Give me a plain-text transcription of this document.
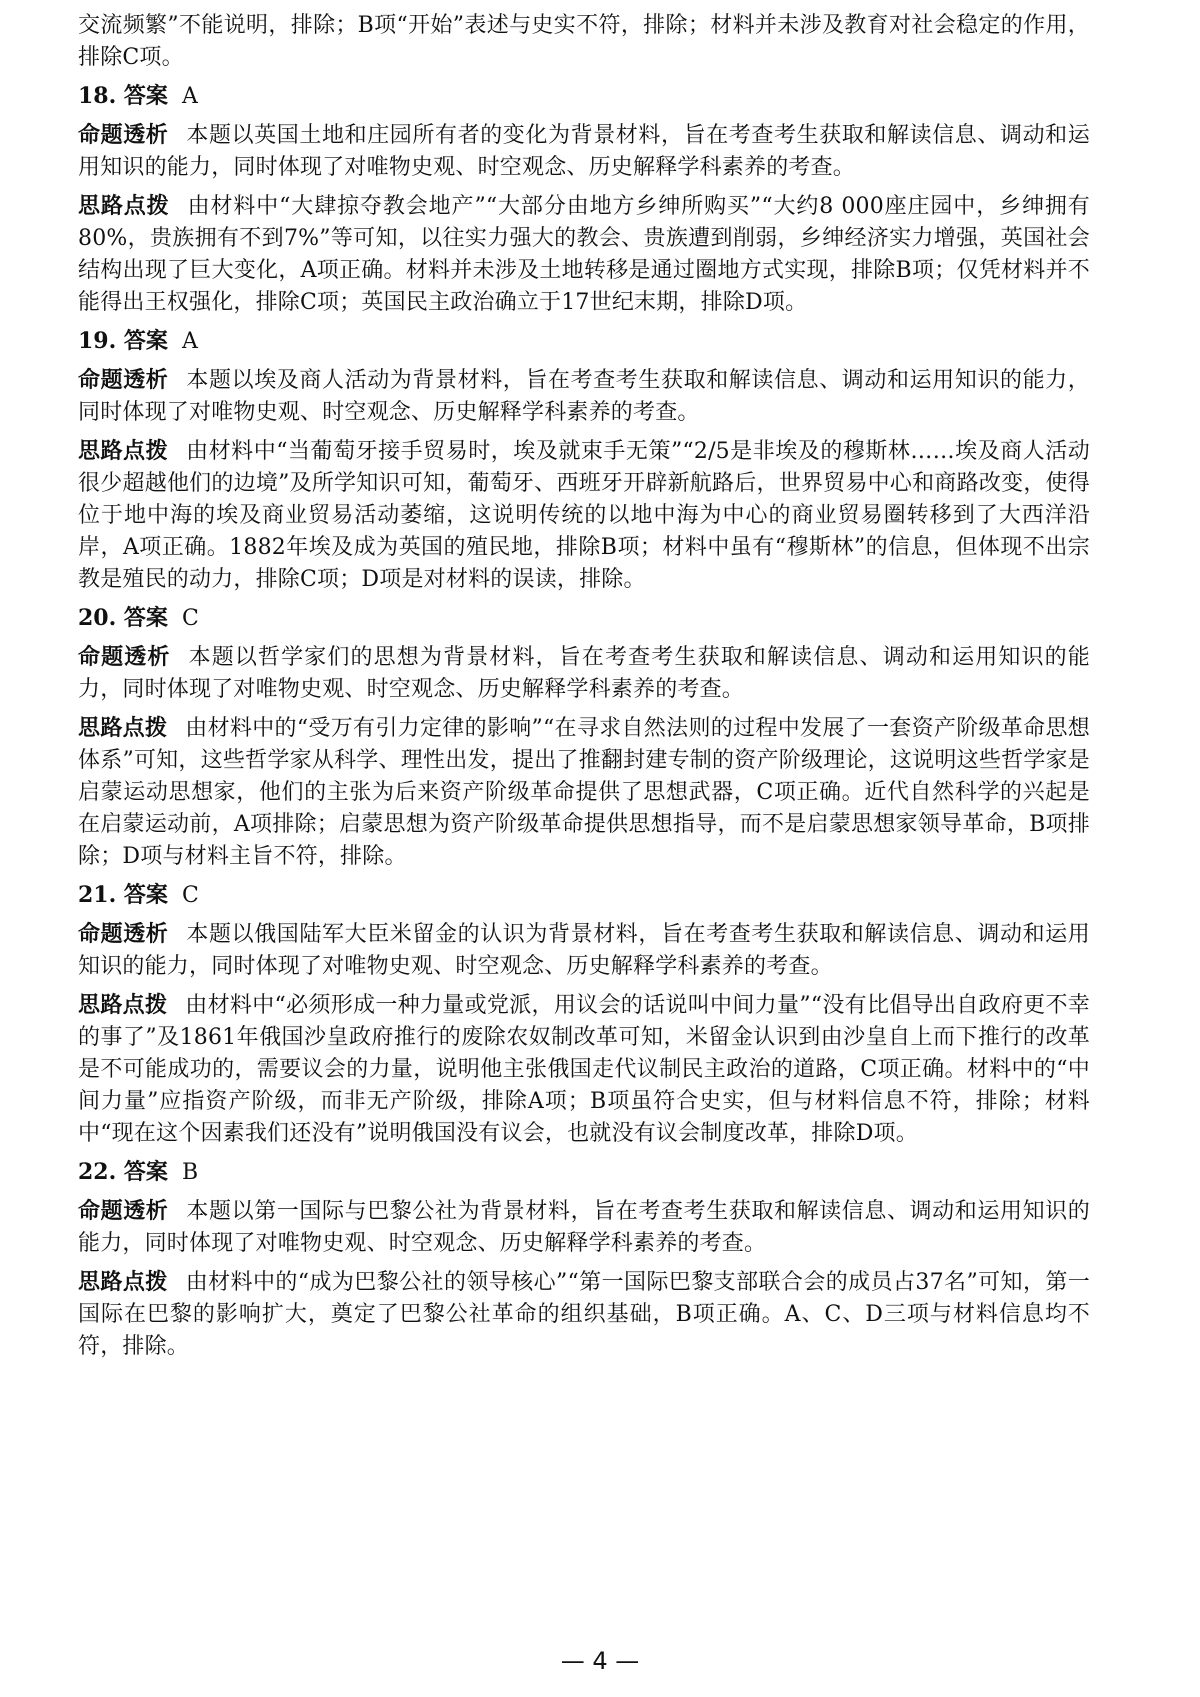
交流频繁”不能说明，排除；B项“开始”表述与史实不符，排除；材料并未涉及教育对社会稳定的作用，排除C项。

18. 答案 A

命题透析 本题以英国土地和庄园所有者的变化为背景材料，旨在考查考生获取和解读信息、调动和运用知识的能力，同时体现了对唯物史观、时空观念、历史解释学科素养的考查。

思路点拨 由材料中“大肆掠夺教会地产”“大部分由地方乡绅所购买”“大约8 000座庄园中，乡绅拥有80%，贵族拥有不到7%”等可知，以往实力强大的教会、贵族遭到削弱，乡绅经济实力增强，英国社会结构出现了巨大变化，A项正确。材料并未涉及土地转移是通过圈地方式实现，排除B项；仅凭材料并不能得出王权强化，排除C项；英国民主政治确立于17世纪末期，排除D项。

19. 答案 A

命题透析 本题以埃及商人活动为背景材料，旨在考查考生获取和解读信息、调动和运用知识的能力，同时体现了对唯物史观、时空观念、历史解释学科素养的考查。

思路点拨 由材料中“当葡萄牙接手贸易时，埃及就束手无策”“2/5是非埃及的穆斯林……埃及商人活动很少超越他们的边境”及所学知识可知，葡萄牙、西班牙开辟新航路后，世界贸易中心和商路改变，使得位于地中海的埃及商业贸易活动萎缩，这说明传统的以地中海为中心的商业贸易圈转移到了大西洋沿岸，A项正确。1882年埃及成为英国的殖民地，排除B项；材料中虽有“穆斯林”的信息，但体现不出宗教是殖民的动力，排除C项；D项是对材料的误读，排除。

20. 答案 C

命题透析 本题以哲学家们的思想为背景材料，旨在考查考生获取和解读信息、调动和运用知识的能力，同时体现了对唯物史观、时空观念、历史解释学科素养的考查。

思路点拨 由材料中的“受万有引力定律的影响”“在寻求自然法则的过程中发展了一套资产阶级革命思想体系”可知，这些哲学家从科学、理性出发，提出了推翻封建专制的资产阶级理论，这说明这些哲学家是启蒙运动思想家，他们的主张为后来资产阶级革命提供了思想武器，C项正确。近代自然科学的兴起是在启蒙运动前，A项排除；启蒙思想为资产阶级革命提供思想指导，而不是启蒙思想家领导革命，B项排除；D项与材料主旨不符，排除。

21. 答案 C

命题透析 本题以俄国陆军大臣米留金的认识为背景材料，旨在考查考生获取和解读信息、调动和运用知识的能力，同时体现了对唯物史观、时空观念、历史解释学科素养的考查。

思路点拨 由材料中“必须形成一种力量或党派，用议会的话说叫中间力量”“没有比倡导出自政府更不幸的事了”及1861年俄国沙皇政府推行的废除农奴制改革可知，米留金认识到由沙皇自上而下推行的改革是不可能成功的，需要议会的力量，说明他主张俄国走代议制民主政治的道路，C项正确。材料中的“中间力量”应指资产阶级，而非无产阶级，排除A项；B项虽符合史实，但与材料信息不符，排除；材料中“现在这个因素我们还没有”说明俄国没有议会，也就没有议会制度改革，排除D项。

22. 答案 B

命题透析 本题以第一国际与巴黎公社为背景材料，旨在考查考生获取和解读信息、调动和运用知识的能力，同时体现了对唯物史观、时空观念、历史解释学科素养的考查。

思路点拨 由材料中的“成为巴黎公社的领导核心”“第一国际巴黎支部联合会的成员占37名”可知，第一国际在巴黎的影响扩大，奠定了巴黎公社革命的组织基础，B项正确。A、C、D三项与材料信息均不符，排除。

— 4 —
